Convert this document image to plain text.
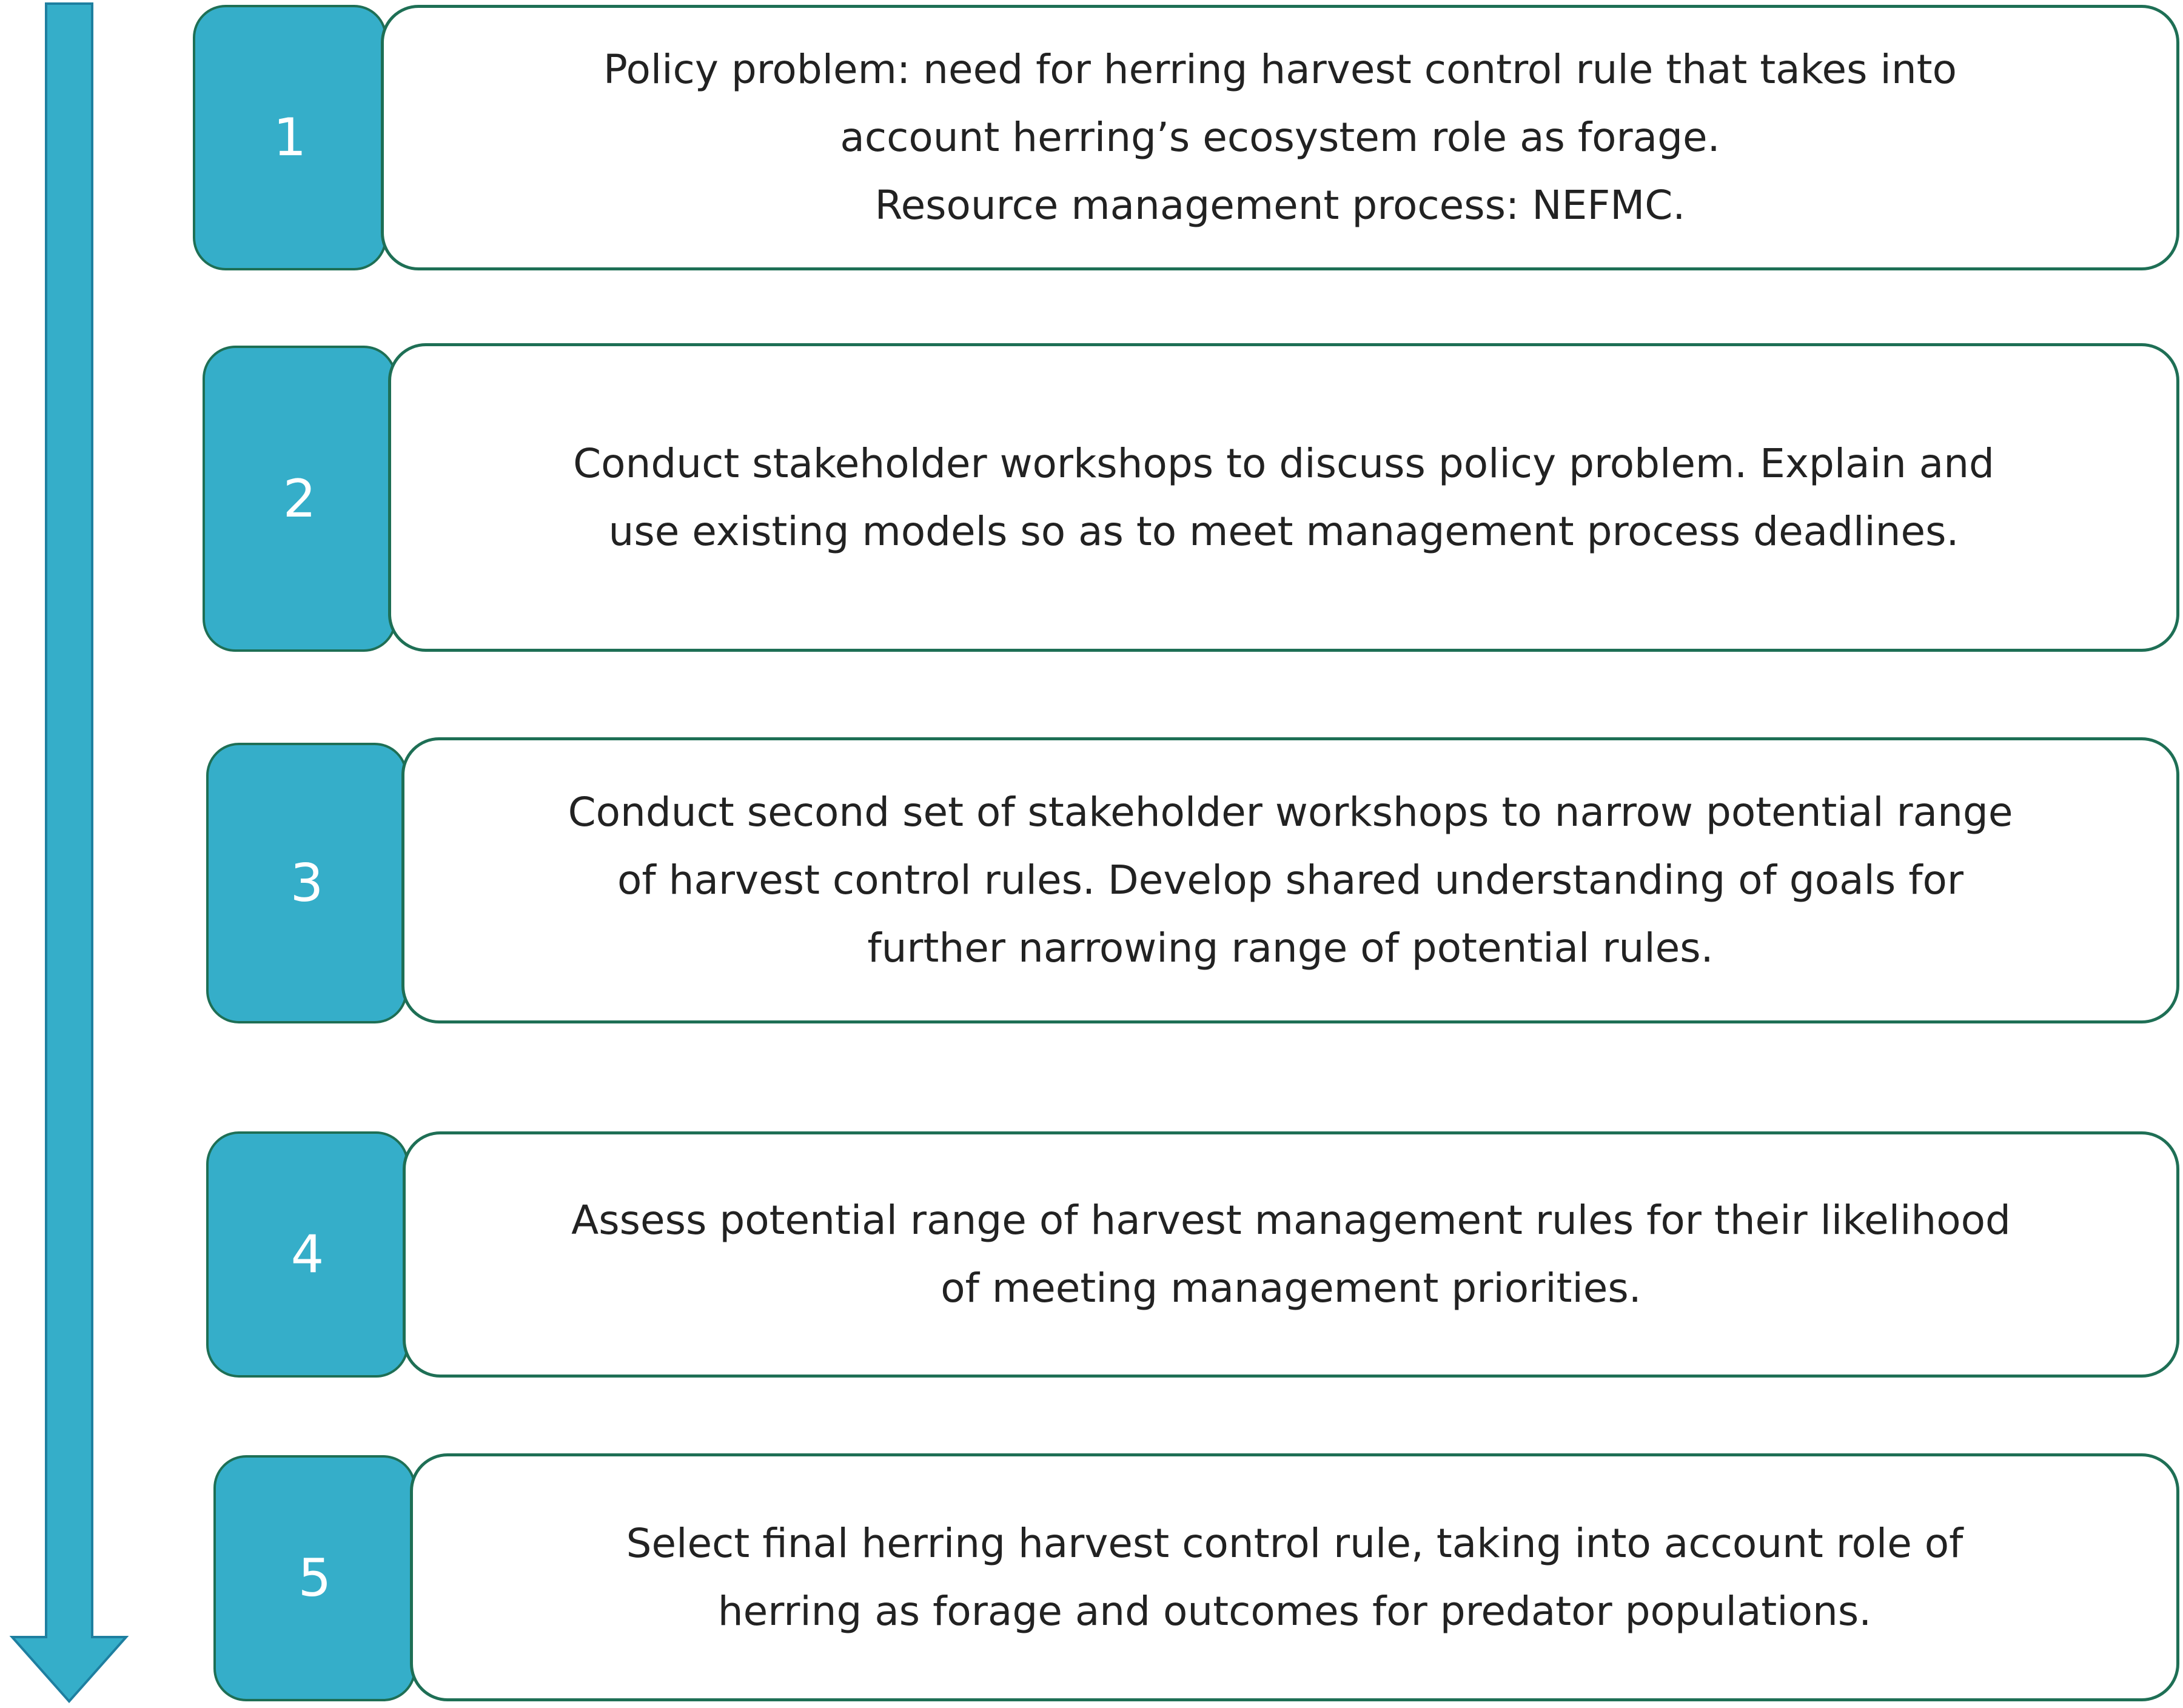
1
Policy problem: need for herring harvest control rule that takes into
account herring’s ecosystem role as forage.
Resource management process: NEFMC.
2
Conduct stakeholder workshops to discuss policy problem. Explain and
use existing models so as to meet management process deadlines.
3
Conduct second set of stakeholder workshops to narrow potential range
of harvest control rules. Develop shared understanding of goals for
further narrowing range of potential rules.
4
Assess potential range of harvest management rules for their likelihood
of meeting management priorities.
5
Select final herring harvest control rule, taking into account role of
herring as forage and outcomes for predator populations.
